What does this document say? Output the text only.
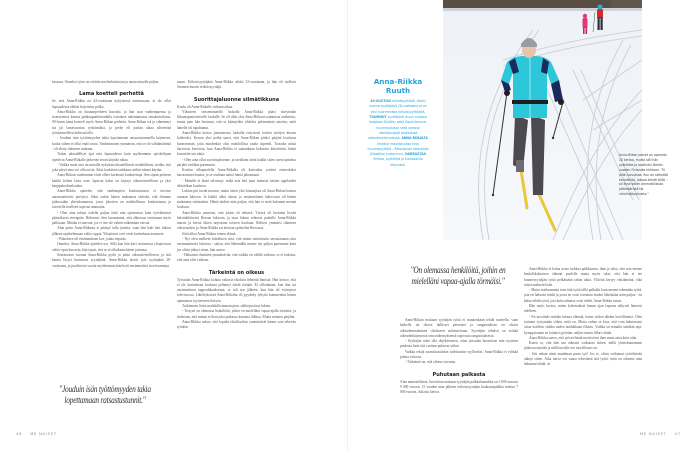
kasassa. Onneksi työni on erittäin mielenkiintoista ja antaa minulle paljon.

Lama koetteli perhettä

Se, että Anna-Riikka on 44-vuotiaana nykyisessä asemassaan, ei ole ollut lapsuudessa tähtiin kirjoitettu polku.

Anna-Riikka on duunariperheen kasvatti, ja hän asui vanhempiensa ja sisarustensa kanssa pääkaupunkiseudulla isoisänsä rakentamassa omakotitalossa. 90-luvun lama koetteli myös Anna-Riikan perhettä. Anna-Riikan isä jo ednenneyt isä jäi lamavuosina työttömäksi, ja perhe eli jonkin aikaa sihteerinä työskennelleen äidin tuloilla.

- Jouduin isän työttömyyden takia lopettamaan ratsastustunneilla käymisen, koska siihen ei ollut enää varaa. Vanhemmiten ymmärsin, että se oli välttämätöntä - oli eletty tilanteen mukaan.

Tiukat taloudelliset ajat niin lapsuudessa kuin myöhemmin opiskelijana opettivat Anna-Riikalle järkevän tavan käyttää rahaa.

- Vaikka moni asia on minulle nykyään taloudellisesti mahdollinen, tiedän, että joka päivä aina voi olla toisin. Siksi harkitsen tarkkaan, mihin rahani käytän.

Anna-Riikan vanhemmat eivät olleet korkeasti koulutettuja. Sen sijaan perheen kaikki kolme lasta ovat: lapsista kaksi on käynyt oikeustieteellisen ja yksi kauppakorkeakoulun.

Anna-Riikka ajattelee, että vanhempien koulutustason ei tarvitse automaattisesti periytyä. Siksi onkin hänen mukaansa tärkeää, että elämme jatkossakin yhteiskunnassa, jossa jokaisen on mahdollisuus kouluttautua ja tavoitella itselleen sopivaa ammattia.

- Olen aina tehnyt todella paljon töitä niin opinnoissa kuin työelämässä päästäkseni eteenpäin. Hoksensi olen huomannut, että ahkeruus toiminaan myös palkitaan. Mitään ei saavuta, jos ei itse ole valmis näkemään vaivaa.

Alun perin Anna-Riikasta ei pitänyt tulla juristia, vaan hän haki heti lukion jälkeen opiskelemaan valtio-oppia. Yliopiston ovet eivät kuitenkaan auenneet.

- Päätoksee oli ensimmäinen kos, jonka nepatin.

Onneksi, Anna-Riikka ajattelee nyt. Sillä kun hän kävi avoimessa yliopistossa valtio-opin kursseja, hän tajusi, että se ei ollutkaan hänen juttunsa.

Seuraavana vuonna Anna-Riikka pyrki ja pääsi oikeustieteelliseen, ja sitä kautta löytyi kutsumus syyttäjänä. Anna-Riikka aloitti työt syyttäjänä 28-vuotiaana, ja puolitoista vuotta myöhemmin hän hoiti ensimmäistä isoa huumejut

"Jouduin isän työttömyyden takia lopettamaan ratsastustunnit."

tuaan. Erikoissyyttäjänä Anna-Riikka aloitti 32-vuotiaana, ja hän oli tuolloin Suomen nuorin erikoissyyttäjä.

Suorittajaluonne silmätikkuna

Koulu oli Anna-Riikalle vaikeaa aikaa.

Yläasteen seitsemännellä luokalla Anna-Riikka pääsi siirtymään liikuntapainotteiselle luokalle. Se oli ollut yksi Anna-Riikan isoimmista unelmista, mutta pian hän huomasi, että se kääntyikin yhdeksi pahimmista asioista, mitä hänelle oli tapahtunut.

Anna-Riikka kertoo joutuneensa luokalla erityisesti toisten tyttöjen kiusan kohteeksi. Kerran yksi poika sanoi, että Anna-Riikan pitäisi pärjätä koulussa huonommin, jotta muidenkin olisi mahdollista saada stipendi. Toisadta niistä harvoista kerroista, kun Anna-Riikka ei saanutkaan kokeesta kiitettävää, häntä kiusattiin sen takia.

- Olen aina ollut suorittajaluonne, ja tavallaan tämä kaikki sitten asetti paineita pärjätä vieläkin paremmin.

Koulun ulkopuolella Anna-Riikalla oli kuitenkin ystäviä esimerkiksi harrastusten kautta, ja se osaltaan auttoi häntä jaksamaan.

- Minulle ei ikinä selvinnyt, mikä asia teki juuri minusta toisten oppilaiden silmätikun koulussa.

Lukion piti tuoda muutos, mutta sitten yksi kiusaajista oli Anna-Riikan kanssa samaan lukioon. Ja kaikki alkoi alusta, jo ensimmäinen lukiovuosi oli hänen mukaansa sietämätön. Häntä ahdisti niin paljon, että hän ei enää halunnut mennä kouluun.

Anna-Riikka ymmärsi, että jotain oli tehtävä. Ystävä oli kertonut hyvää helsinkiläisestä Ressun lukiosta, ja tuon lukion rehtorin puheille Anna-Riikka marssi ja kertoi itkien tarjestaan toiseen kouluun. Rehtori ymmärsi tilanteen vakavuuden, ja Anna-Riikka sai aloittaa opiskelun Ressussa.

Siitä alkoi Anna-Riikan toinen elämä.

- Nyt olen melkein kiitollinen siitä, että minut oministutin savustamaan ulos ensimmäisestä lukiosta - sakon, että lähtemällä menee nyt paljon paremmin kuin jos olisin jäänyt sinne, hän sanoo.

- Haluaisin ihmisten ymmärtävän, että vaikka on välillä vaikeaa, se ei tarkoita, että aina olisi vaikeaa.

Tärkeintä on oikeus

Työssään Anna-Riikka kohtaa vakavia rikoksia tehneitä ihmisiä. Hän kertoo, että ei ole kuitenkaan koskaan pelännyt tehdä töitään. Ei silloinkaan, kun hän sai ensimmäisen tappouhkauksensa: se tuli sen jälkeen, kun hän oli esiintynyt televisiossa. Läheltyksessä Anna-Riikalta oli pyydetty lyhyttä kommenttia hänen ajamaansa syytteeseen liittyen.

Tutkinnasti lisäsi mahdollisimman pian, sähköpostissa lukien.

- Tietysti on olemassa henkilöitä, joihin en mielelläni vapaa-ajalla törmäisi, ja tiedostan, että minun ei ihan joka paikassa kannata liikkua. Mutta muuten pärjään.

Anna-Riikka uskoo, että lopulta rikollisetkin ymmärtävät hänen vain tekevän työtään.

46 ME NAISET
Anna-Riikka
Ruuth
44-VUOTIAS erikoissyyttäjä. Aloitti uransa syyttäjänä 28-vuotiaana ja on yksi nuorimmista erikoissyyttäjistä. TOIMINUT syyttäjänä muun muassa laajoissa Sikiötie- sekä Sipuli-kanava-huumejutuissa sekä useissa rikollisjengejä koskevissa oikeudenkäynneissä. ANNA-RIIKALTA ilmestyi maaliskuussa kirja Huumesyyttäjä – Rikossarjan toteuttaja (Deadline kustannus). HARRASTAA hiihtoa, pyöräilyä ja kuntosalilla käymistä.
Anna-Riikan polvet on operoitu 10 kertaa, mutta silti hän pyöräilee ja osallistui tämän vuoden Finlandia-hiihtoon. "Ei pidä luovuttaa. Kun on selkeätä tavoitteita, jaksaa tehdä töitä – oli kyse sitten ammatillisista päämääristä tai urheilukilpailuista."
"On olemassa henkilöitä, joihin en mielelläni vapaa-ajalla törmäisi."

Anna-Riikan mukaan syyttäjän työtä ei muutenkaan tehdä tunteella, vaan kaikelle on oltava laillisset perusteet ja rangaistuksen on oltava oikeudenmukainen rikokseen suhteutettuna. Syyttäjän tehtävä on esittää oikeudenkäynnissä oma näkemyksensä sopivasta rangaistuksesta.

- Syyttäjän tulee olla objektiivinen, ottaa työssään huomioon niin syytteen puolesta kuin sitä vastaan puhuvat seikat.

Vaikka tekijä tuomittaisiinkin todettaisiin syylliseksi, Anna-Riikka ei ryhkää puhua voitosta.

- Tärkeintä on, että oikeus toteutuu.

Puhutaan palkasta

Alan ammattiliiton, Juristiiton mukaan syyttäjän palkkahaarukka on 3 000 eurosta 9 000 euroon. 15 vuoden uran jälkeen erikoissyyttäjän kuukausipalkka asettuu 7 000 euroon, Juliaisu kertoo.

Anna-Riikka ei halua avata tarkkaa palkkaansa, ihan jo siksi, että asia menee henkilökohtaisen elämän puolelle mutta myös siksi, että hän ei tee huumesyyttäjän työtä pelkästään rahan takia. Ylitöitä kertyy väistämättä, eikä niistä makseta lisää.

- Mutta mieluummin teen tätä työtä tällä palkalla kuin menen tekemään työtä, jota en haluaisi tehdä ja jossa en voisi toteuttaa itseäni läheskään näin paljoa - en halua tehdä työtä, jota kuka tahansa voisi tehdä, Anna-Riikka sanoo.

Hän myös kertoo, miten kokemukset laman ajan lapsena näkyvät hänessä edelleen.

- En tavoittele mitään hienoa elämää, kuten viiden tähden hotellilomia. Olen tottunut tyytymään siihen, mitä on. Mutta onhan se kiva, että voin halutessani ostaa itselleni vaikka uuden laadukkaan fillarin. Vaikka on minulla siinäkin raja: kymppitonnia en laittaisi pyörään, neljän tonnin fillari riittää.

Anna-Riikka sanoo, että työssä häntä motivoivat ihan muut asiat kuin raha.

Kuten se, että hän saa oikeasti vaikuttaa siihen, millä yhteiskuntamme jatkossa näyttää ja millä tavalla sen turvallisuus on.

- Siis onhan tämä maailman paras työ! Jos ei, olisin vaihtanut työtehtävää aikoja sitten. Aika harva voi sanoa tekevänsä sitä työtä, mitä on oikeasti aina halunnut tehdä. ⊙

ME NAISET 47
